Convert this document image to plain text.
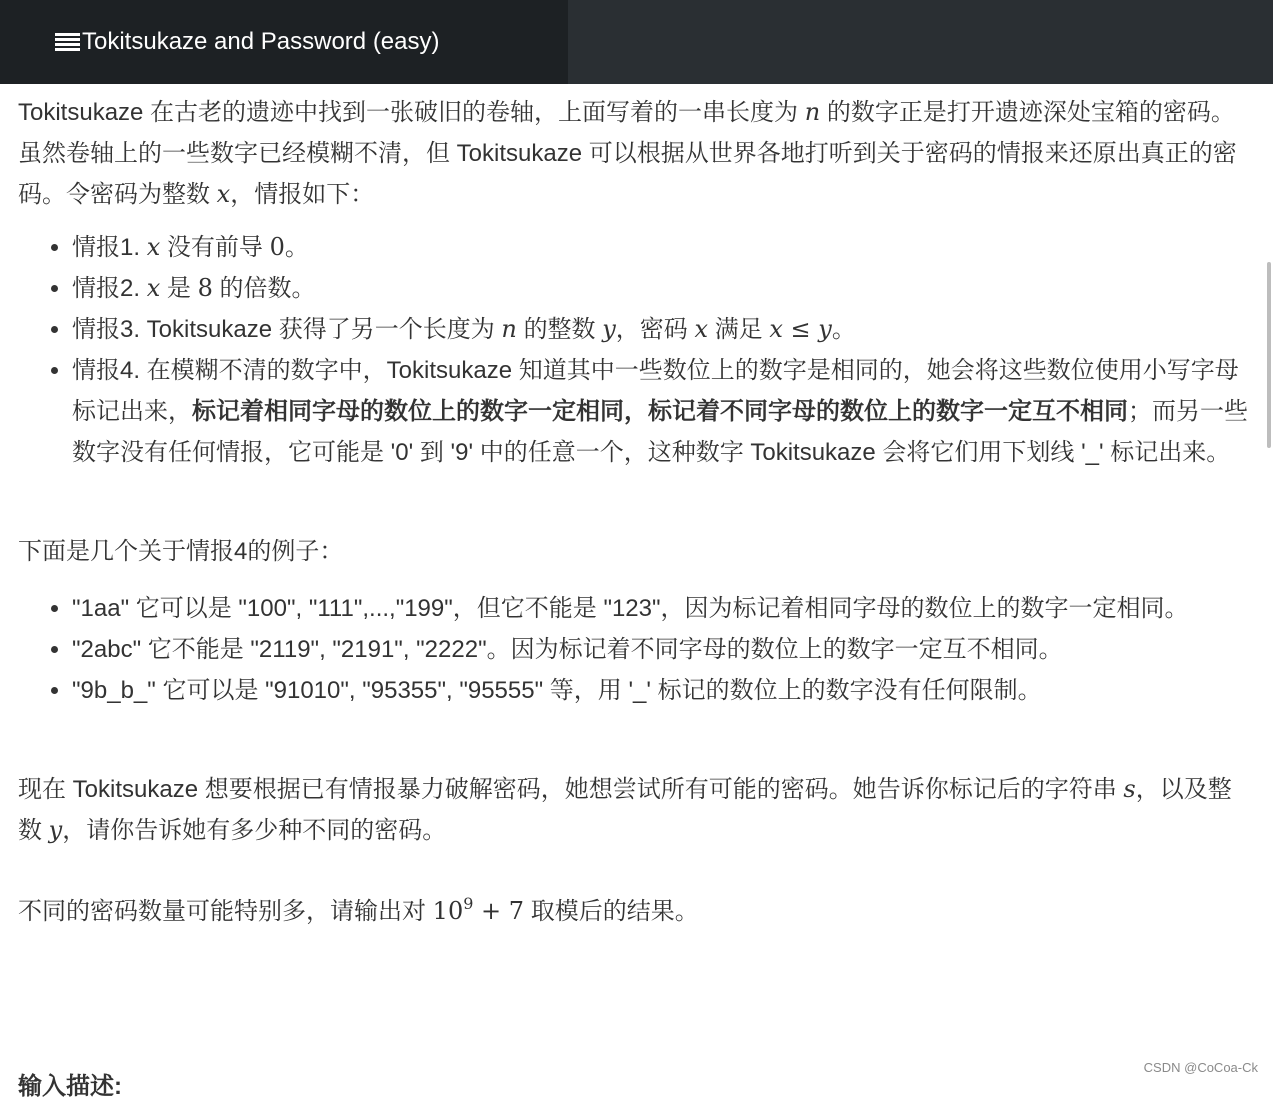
Tokitsukaze and Password (easy)

Tokitsukaze 在古老的遗迹中找到一张破旧的卷轴，上面写着的一串长度为 n 的数字正是打开遗迹深处宝箱的密码。虽然卷轴上的一些数字已经模糊不清，但 Tokitsukaze 可以根据从世界各地打听到关于密码的情报来还原出真正的密码。令密码为整数 x，情报如下：

• 情报1. x 没有前导 0。
• 情报2. x 是 8 的倍数。
• 情报3. Tokitsukaze 获得了另一个长度为 n 的整数 y，密码 x 满足 x ≤ y。
• 情报4. 在模糊不清的数字中，Tokitsukaze 知道其中一些数位上的数字是相同的，她会将这些数位使用小写字母标记出来，标记着相同字母的数位上的数字一定相同，标记着不同字母的数位上的数字一定互不相同；而另一些数字没有任何情报，它可能是 '0' 到 '9' 中的任意一个，这种数字 Tokitsukaze 会将它们用下划线 '_' 标记出来。

下面是几个关于情报4的例子：

• "1aa" 它可以是 "100", "111",...,"199"，但它不能是 "123"，因为标记着相同字母的数位上的数字一定相同。
• "2abc" 它不能是 "2119", "2191", "2222"。因为标记着不同字母的数位上的数字一定互不相同。
• "9b_b_" 它可以是 "91010", "95355", "95555" 等，用 '_' 标记的数位上的数字没有任何限制。

现在 Tokitsukaze 想要根据已有情报暴力破解密码，她想尝试所有可能的密码。她告诉你标记后的字符串 s，以及整数 y，请你告诉她有多少种不同的密码。

不同的密码数量可能特别多，请输出对 $10^9 + 7$ 取模后的结果。

输入描述:
CSDN @CoCoa-Ck
